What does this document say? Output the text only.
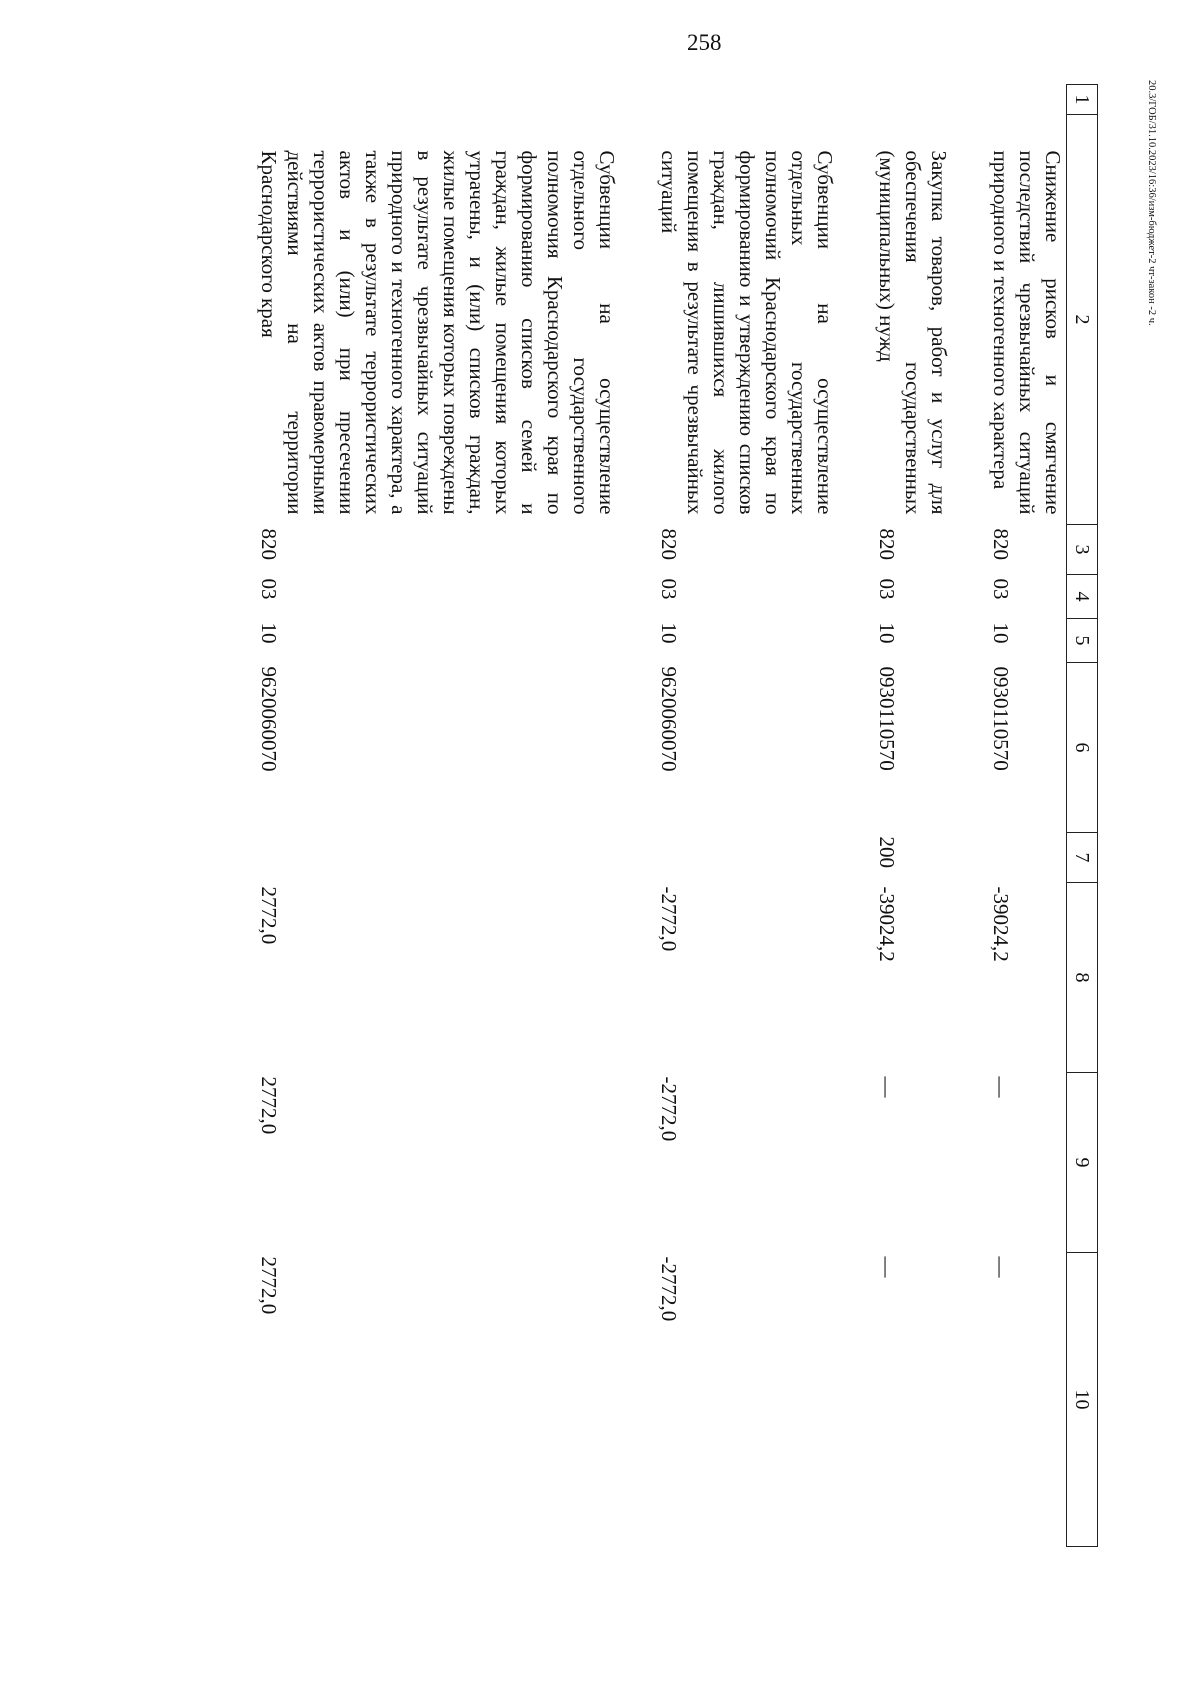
258
20.3/ГОБ/31.10.2023/16:36/изм-бюджет-2 чт-закон -2 ч.
1	2	3	4	5	6	7	8	9	10
	Снижение рисков и смягчение последствий чрезвычайных ситуаций природного и техногенного характера	820	03	10	0930110570		-39024,2	—	—

	Закупка товаров, работ и услуг для обеспечения государственных (муниципальных) нужд	820	03	10	0930110570	200	-39024,2	—	—

	Субвенции на осуществление отдельных государственных полномочий Краснодарского края по формированию и утверждению списков граждан, лишившихся жилого помещения в результате чрезвычайных ситуаций	820	03	10	9620060070		-2772,0	-2772,0	-2772,0

	Субвенции на осуществление отдельного государственного полномочия Краснодарского края по формированию списков семей и граждан, жилые помещения которых утрачены, и (или) списков граждан, жилые помещения которых повреждены в результате чрезвычайных ситуаций природного и техногенного характера, а также в результате террористических актов и (или) при пресечении террористических актов правомерными действиями на территории Краснодарского края	820	03	10	9620060070		2772,0	2772,0	2772,0
